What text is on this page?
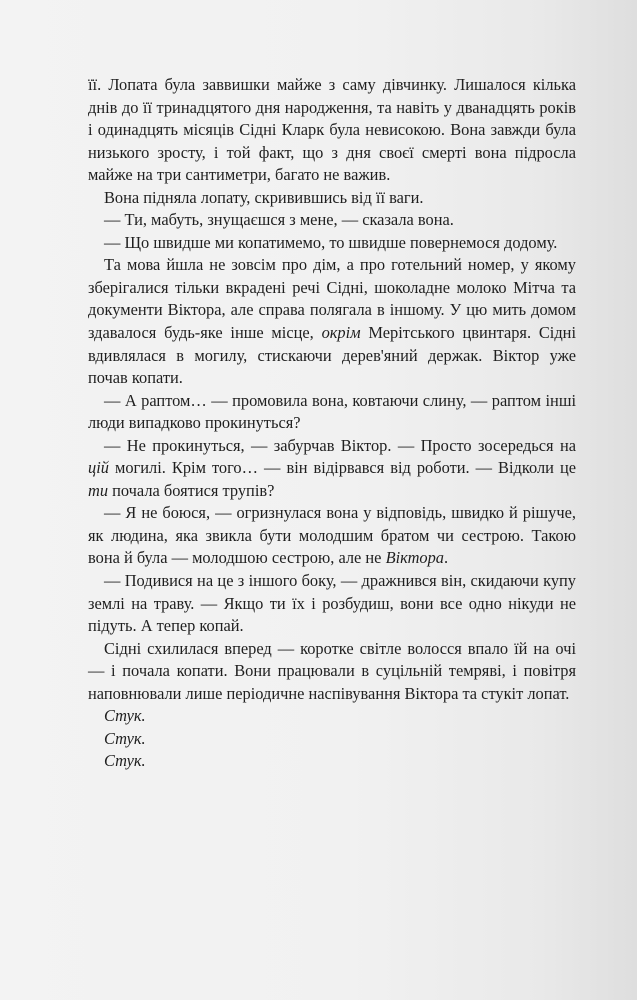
її. Лопата була заввишки майже з саму дівчинку. Лишалося кілька днів до її тринадцятого дня народження, та навіть у дванадцять років і одинадцять місяців Сідні Кларк була невисокою. Вона завжди була низького зросту, і той факт, що з дня своєї смерті вона підросла майже на три сантиметри, багато не важив.

Вона підняла лопату, скривившись від її ваги.

— Ти, мабуть, знущаєшся з мене, — сказала вона.

— Що швидше ми копатимемо, то швидше повернемося додому.

Та мова йшла не зовсім про дім, а про готельний номер, у якому зберігалися тільки вкрадені речі Сідні, шоколадне молоко Мітча та документи Віктора, але справа полягала в іншому. У цю мить домом здавалося будь-яке інше місце, окрім Мерітського цвинтаря. Сідні вдивлялася в могилу, стискаючи дерев'яний держак. Віктор уже почав копати.

— А раптом… — промовила вона, ковтаючи слину, — раптом інші люди випадково прокинуться?

— Не прокинуться, — забурчав Віктор. — Просто зосередься на цій могилі. Крім того… — він відірвався від роботи. — Відколи це ти почала боятися трупів?

— Я не боюся, — огризнулася вона у відповідь, швидко й рішуче, як людина, яка звикла бути молодшим братом чи сестрою. Такою вона й була — молодшою сестрою, але не Віктора.

— Подивися на це з іншого боку, — дражнився він, скидаючи купу землі на траву. — Якщо ти їх і розбудиш, вони все одно нікуди не підуть. А тепер копай.

Сідні схилилася вперед — коротке світле волосся впало їй на очі — і почала копати. Вони працювали в суцільній темряві, і повітря наповнювали лише періодичне наспівування Віктора та стукіт лопат.

Стук.

Стук.

Стук.
